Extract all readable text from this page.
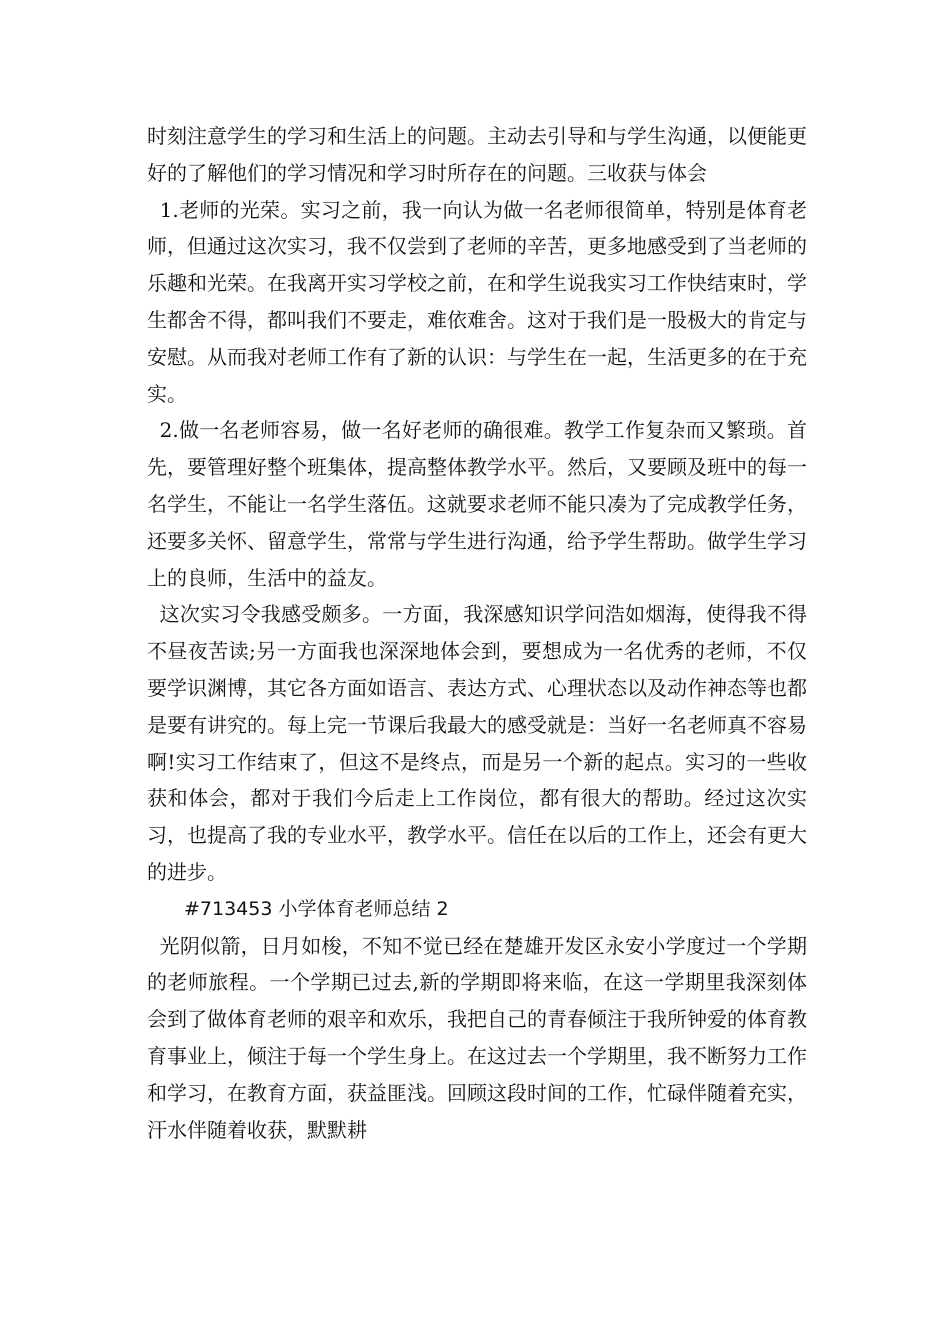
时刻注意学生的学习和生活上的问题。主动去引导和与学生沟通，以便能更好的了解他们的学习情况和学习时所存在的问题。三收获与体会

1.老师的光荣。实习之前，我一向认为做一名老师很简单，特别是体育老师，但通过这次实习，我不仅尝到了老师的辛苦，更多地感受到了当老师的乐趣和光荣。在我离开实习学校之前，在和学生说我实习工作快结束时，学生都舍不得，都叫我们不要走，难依难舍。这对于我们是一股极大的肯定与安慰。从而我对老师工作有了新的认识：与学生在一起，生活更多的在于充实。

2.做一名老师容易，做一名好老师的确很难。教学工作复杂而又繁琐。首先，要管理好整个班集体，提高整体教学水平。然后，又要顾及班中的每一名学生，不能让一名学生落伍。这就要求老师不能只凑为了完成教学任务，还要多关怀、留意学生，常常与学生进行沟通，给予学生帮助。做学生学习上的良师，生活中的益友。

这次实习令我感受颇多。一方面，我深感知识学问浩如烟海，使得我不得不昼夜苦读;另一方面我也深深地体会到，要想成为一名优秀的老师，不仅要学识渊博，其它各方面如语言、表达方式、心理状态以及动作神态等也都是要有讲究的。每上完一节课后我最大的感受就是：当好一名老师真不容易啊!实习工作结束了，但这不是终点，而是另一个新的起点。实习的一些收获和体会，都对于我们今后走上工作岗位，都有很大的帮助。经过这次实习，也提高了我的专业水平，教学水平。信任在以后的工作上，还会有更大的进步。

#713453 小学体育老师总结 2

光阴似箭，日月如梭，不知不觉已经在楚雄开发区永安小学度过一个学期的老师旅程。一个学期已过去,新的学期即将来临，在这一学期里我深刻体会到了做体育老师的艰辛和欢乐，我把自己的青春倾注于我所钟爱的体育教育事业上，倾注于每一个学生身上。在这过去一个学期里，我不断努力工作和学习，在教育方面，获益匪浅。回顾这段时间的工作，忙碌伴随着充实，汗水伴随着收获，默默耕
